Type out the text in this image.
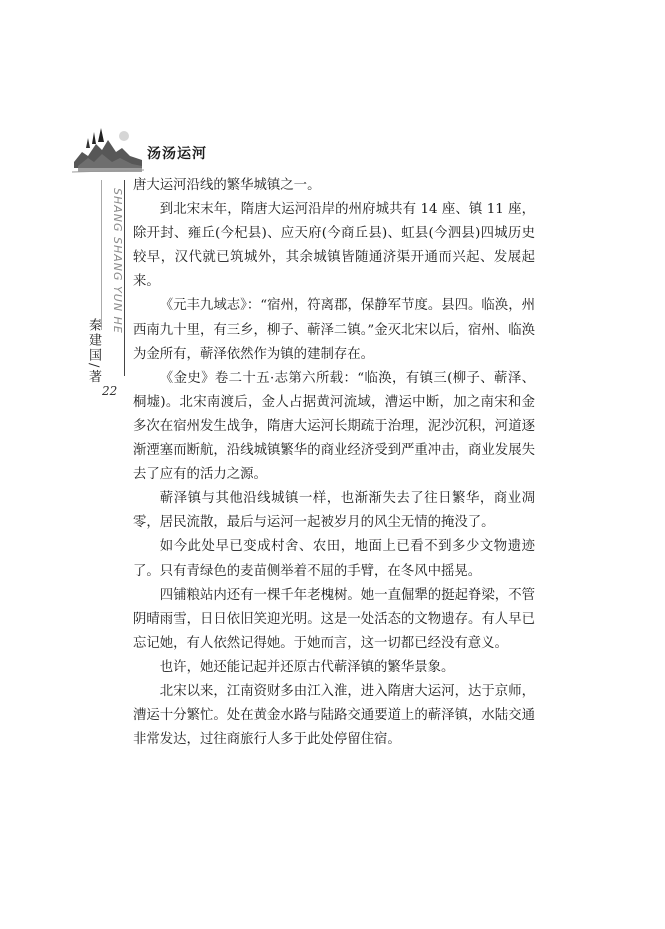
汤汤运河
SHANG SHANG YUN HE
秦建国/著
22

唐大运河沿线的繁华城镇之一。

到北宋末年，隋唐大运河沿岸的州府城共有 14 座、镇 11 座，除开封、雍丘(今杞县)、应天府(今商丘县)、虹县(今泗县)四城历史较早，汉代就已筑城外，其余城镇皆随通济渠开通而兴起、发展起来。

《元丰九域志》：“宿州，符离郡，保静军节度。县四。临涣，州西南九十里，有三乡，柳子、蕲泽二镇。”金灭北宋以后，宿州、临涣为金所有，蕲泽依然作为镇的建制存在。

《金史》卷二十五·志第六所载：“临涣，有镇三(柳子、蕲泽、桐墟)。北宋南渡后，金人占据黄河流域，漕运中断，加之南宋和金多次在宿州发生战争，隋唐大运河长期疏于治理，泥沙沉积，河道逐渐湮塞而断航，沿线城镇繁华的商业经济受到严重冲击，商业发展失去了应有的活力之源。

蕲泽镇与其他沿线城镇一样，也渐渐失去了往日繁华，商业凋零，居民流散，最后与运河一起被岁月的风尘无情的掩没了。

如今此处早已变成村舍、农田，地面上已看不到多少文物遗迹了。只有青绿色的麦苗侧举着不屈的手臂，在冬风中摇晃。

四铺粮站内还有一棵千年老槐树。她一直倔犟的挺起脊梁，不管阴晴雨雪，日日依旧笑迎光明。这是一处活态的文物遗存。有人早已忘记她，有人依然记得她。于她而言，这一切都已经没有意义。

也许，她还能记起并还原古代蕲泽镇的繁华景象。

北宋以来，江南资财多由江入淮，进入隋唐大运河，达于京师，漕运十分繁忙。处在黄金水路与陆路交通要道上的蕲泽镇，水陆交通非常发达，过往商旅行人多于此处停留住宿。
